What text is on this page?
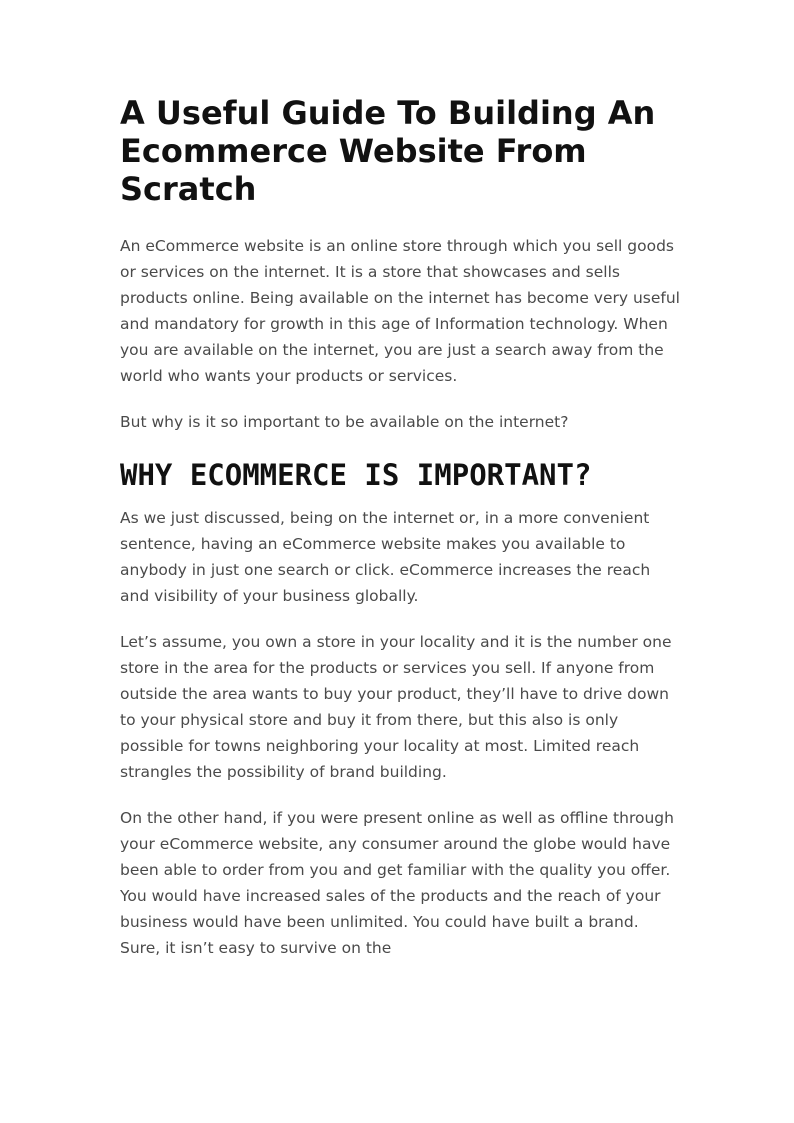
A Useful Guide To Building An Ecommerce Website From Scratch

An eCommerce website is an online store through which you sell goods or services on the internet. It is a store that showcases and sells products online. Being available on the internet has become very useful and mandatory for growth in this age of Information technology. When you are available on the internet, you are just a search away from the world who wants your products or services.

But why is it so important to be available on the internet?

WHY ECOMMERCE IS IMPORTANT?

As we just discussed, being on the internet or, in a more convenient sentence, having an eCommerce website makes you available to anybody in just one search or click. eCommerce increases the reach and visibility of your business globally.

Let’s assume, you own a store in your locality and it is the number one store in the area for the products or services you sell. If anyone from outside the area wants to buy your product, they’ll have to drive down to your physical store and buy it from there, but this also is only possible for towns neighboring your locality at most. Limited reach strangles the possibility of brand building.

On the other hand, if you were present online as well as offline through your eCommerce website, any consumer around the globe would have been able to order from you and get familiar with the quality you offer. You would have increased sales of the products and the reach of your business would have been unlimited. You could have built a brand. Sure, it isn’t easy to survive on the
